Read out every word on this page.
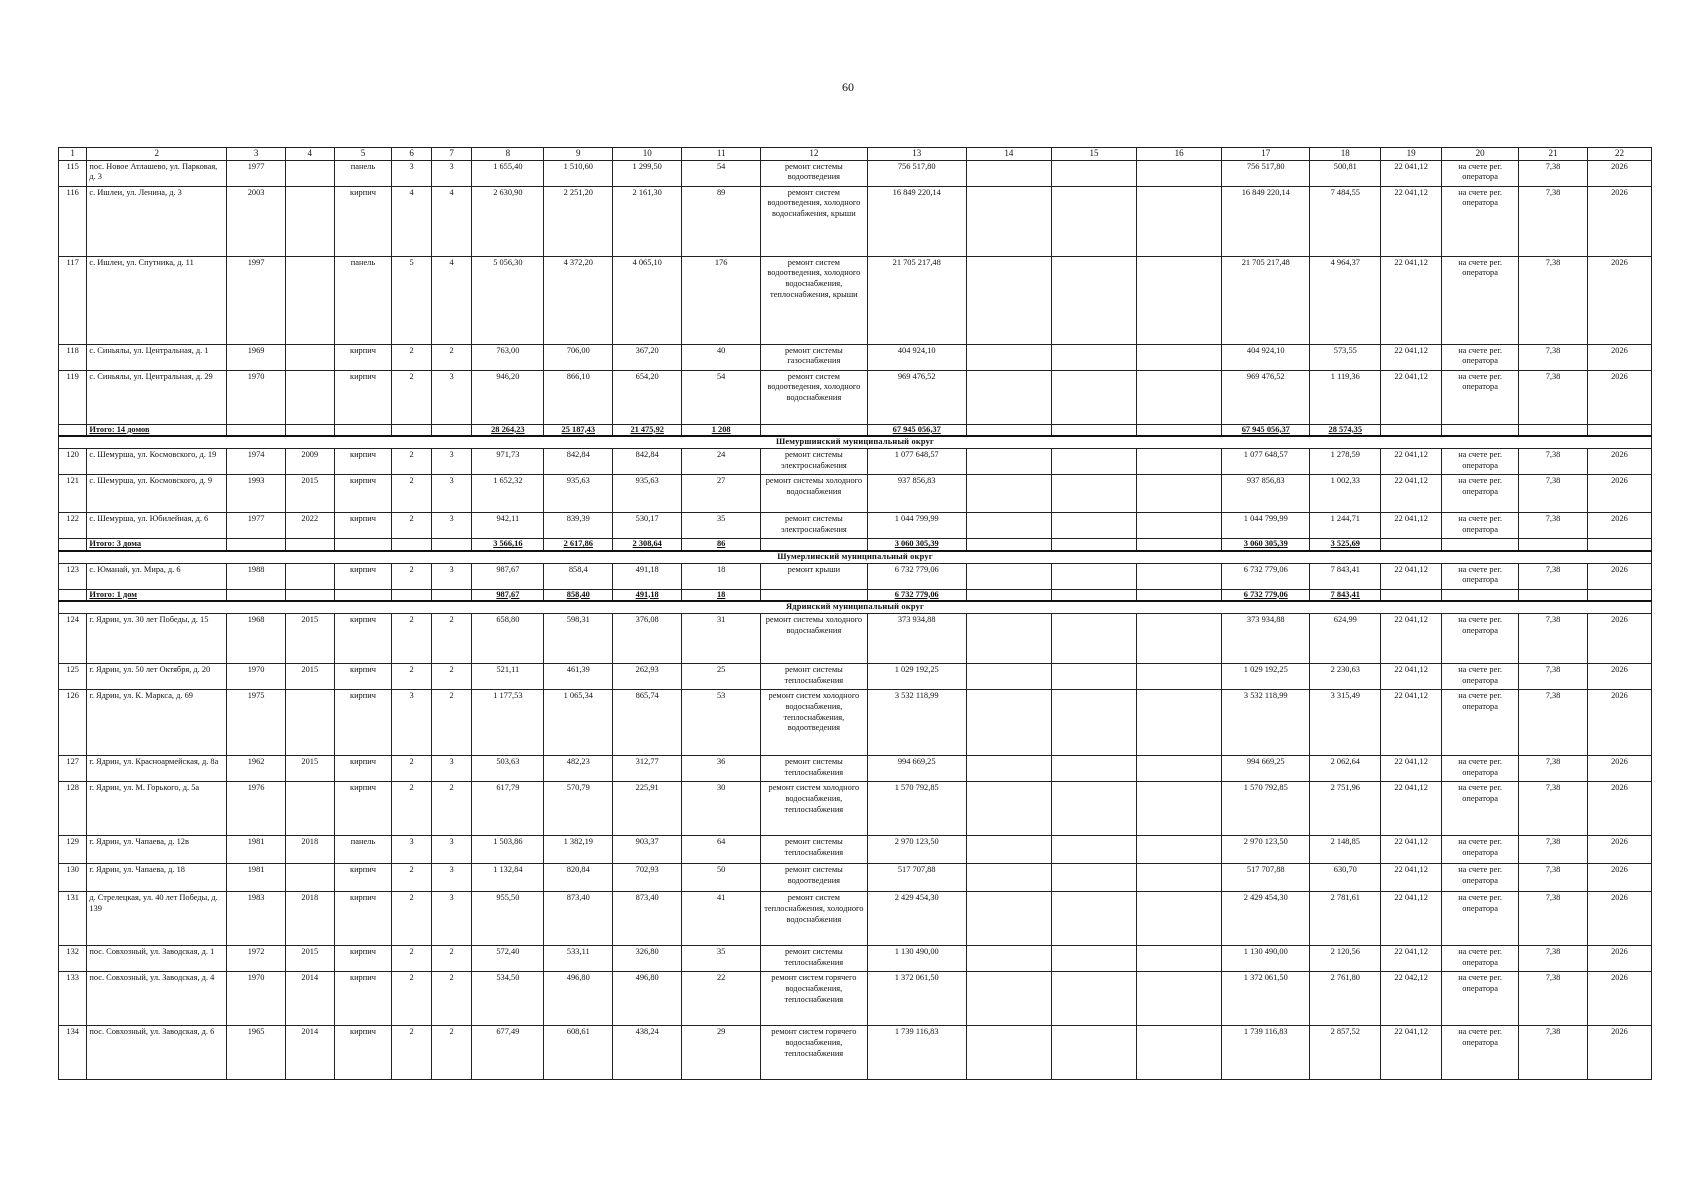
60
1	2	3	4	5	6	7	8	9	10	11	12	13	14	15	16	17	18	19	20	21	22
115	пос. Новое Атлашево, ул. Парковая, д. 3	1977		панель	3	3	1 655,40	1 510,60	1 299,50	54	ремонт системы водоотведения	756 517,80				756 517,80	500,81	22 041,12	на счете рег. оператора	7,38	2026
116	с. Ишлеи, ул. Ленина, д. 3	2003		кирпич	4	4	2 630,90	2 251,20	2 161,30	89	ремонт систем водоотведения, холодного водоснабжения, крыши	16 849 220,14				16 849 220,14	7 484,55	22 041,12	на счете рег. оператора	7,38	2026
117	с. Ишлеи, ул. Спутника, д. 11	1997		панель	5	4	5 056,30	4 372,20	4 065,10	176	ремонт систем водоотведения, холодного водоснабжения, теплоснабжения, крыши	21 705 217,48				21 705 217,48	4 964,37	22 041,12	на счете рег. оператора	7,38	2026
118	с. Синьялы, ул. Центральная, д. 1	1969		кирпич	2	2	763,00	706,00	367,20	40	ремонт системы газоснабжения	404 924,10				404 924,10	573,55	22 041,12	на счете рег. оператора	7,38	2026
119	с. Синьялы, ул. Центральная, д. 29	1970		кирпич	2	3	946,20	866,10	654,20	54	ремонт систем водоотведения, холодного водоснабжения	969 476,52				969 476,52	1 119,36	22 041,12	на счете рег. оператора	7,38	2026
	Итого: 14 домов						28 264,23	25 187,43	21 475,92	1 208		67 945 056,37				67 945 056,37	28 574,35				
Шемуршинский муниципальный округ																					
120	с. Шемурша, ул. Космовского, д. 19	1974	2009	кирпич	2	3	971,73	842,84	842,84	24	ремонт системы электроснабжения	1 077 648,57				1 077 648,57	1 278,59	22 041,12	на счете рег. оператора	7,38	2026
121	с. Шемурша, ул. Космовского, д. 9	1993	2015	кирпич	2	3	1 652,32	935,63	935,63	27	ремонт системы холодного водоснабжения	937 856,83				937 856,83	1 002,33	22 041,12	на счете рег. оператора	7,38	2026
122	с. Шемурша, ул. Юбилейная, д. 6	1977	2022	кирпич	2	3	942,11	839,39	530,17	35	ремонт системы электроснабжения	1 044 799,99				1 044 799,99	1 244,71	22 041,12	на счете рег. оператора	7,38	2026
	Итого: 3 дома						3 566,16	2 617,86	2 308,64	86		3 060 305,39				3 060 305,39	3 525,69				
Шумерлинский муниципальный округ																					
123	с. Юманай, ул. Мира, д. 6	1988		кирпич	2	3	987,67	858,4	491,18	18	ремонт крыши	6 732 779,06				6 732 779,06	7 843,41	22 041,12	на счете рег. оператора	7,38	2026
	Итого: 1 дом						987,67	858,40	491,18	18		6 732 779,06				6 732 779,06	7 843,41				
Ядринский муниципальный округ																					
124	г. Ядрин, ул. 30 лет Победы, д. 15	1968	2015	кирпич	2	2	658,80	598,31	376,08	31	ремонт системы холодного водоснабжения	373 934,88				373 934,88	624,99	22 041,12	на счете рег. оператора	7,38	2026
125	г. Ядрин, ул. 50 лет Октября, д. 20	1970	2015	кирпич	2	2	521,11	461,39	262,93	25	ремонт системы теплоснабжения	1 029 192,25				1 029 192,25	2 230,63	22 041,12	на счете рег. оператора	7,38	2026
126	г. Ядрин, ул. К. Маркса, д. 69	1975		кирпич	3	2	1 177,53	1 065,34	865,74	53	ремонт систем холодного водоснабжения, теплоснабжения, водоотведения	3 532 118,99				3 532 118,99	3 315,49	22 041,12	на счете рег. оператора	7,38	2026
127	г. Ядрин, ул. Красноармейская, д. 8а	1962	2015	кирпич	2	3	503,63	482,23	312,77	36	ремонт системы теплоснабжения	994 669,25				994 669,25	2 062,64	22 041,12	на счете рег. оператора	7,38	2026
128	г. Ядрин, ул. М. Горького, д. 5а	1976		кирпич	2	2	617,79	570,79	225,91	30	ремонт систем холодного водоснабжения, теплоснабжения	1 570 792,85				1 570 792,85	2 751,96	22 041,12	на счете рег. оператора	7,38	2026
129	г. Ядрин, ул. Чапаева, д. 12в	1981	2018	панель	3	3	1 503,86	1 382,19	903,37	64	ремонт системы теплоснабжения	2 970 123,50				2 970 123,50	2 148,85	22 041,12	на счете рег. оператора	7,38	2026
130	г. Ядрин, ул. Чапаева, д. 18	1981		кирпич	2	3	1 132,84	820,84	702,93	50	ремонт системы водоотведения	517 707,88				517 707,88	630,70	22 041,12	на счете рег. оператора	7,38	2026
131	д. Стрелецкая, ул. 40 лет Победы, д. 139	1983	2018	кирпич	2	3	955,50	873,40	873,40	41	ремонт систем теплоснабжения, холодного водоснабжения	2 429 454,30				2 429 454,30	2 781,61	22 041,12	на счете рег. оператора	7,38	2026
132	пос. Совхозный, ул. Заводская, д. 1	1972	2015	кирпич	2	2	572,40	533,11	326,80	35	ремонт системы теплоснабжения	1 130 490,00				1 130 490,00	2 120,56	22 041,12	на счете рег. оператора	7,38	2026
133	пос. Совхозный, ул. Заводская, д. 4	1970	2014	кирпич	2	2	534,50	496,80	496,80	22	ремонт систем горячего водоснабжения, теплоснабжения	1 372 061,50				1 372 061,50	2 761,80	22 042,12	на счете рег. оператора	7,38	2026
134	пос. Совхозный, ул. Заводская, д. 6	1965	2014	кирпич	2	2	677,49	608,61	438,24	29	ремонт систем горячего водоснабжения, теплоснабжения	1 739 116,83				1 739 116,83	2 857,52	22 041,12	на счете рег. оператора	7,38	2026
